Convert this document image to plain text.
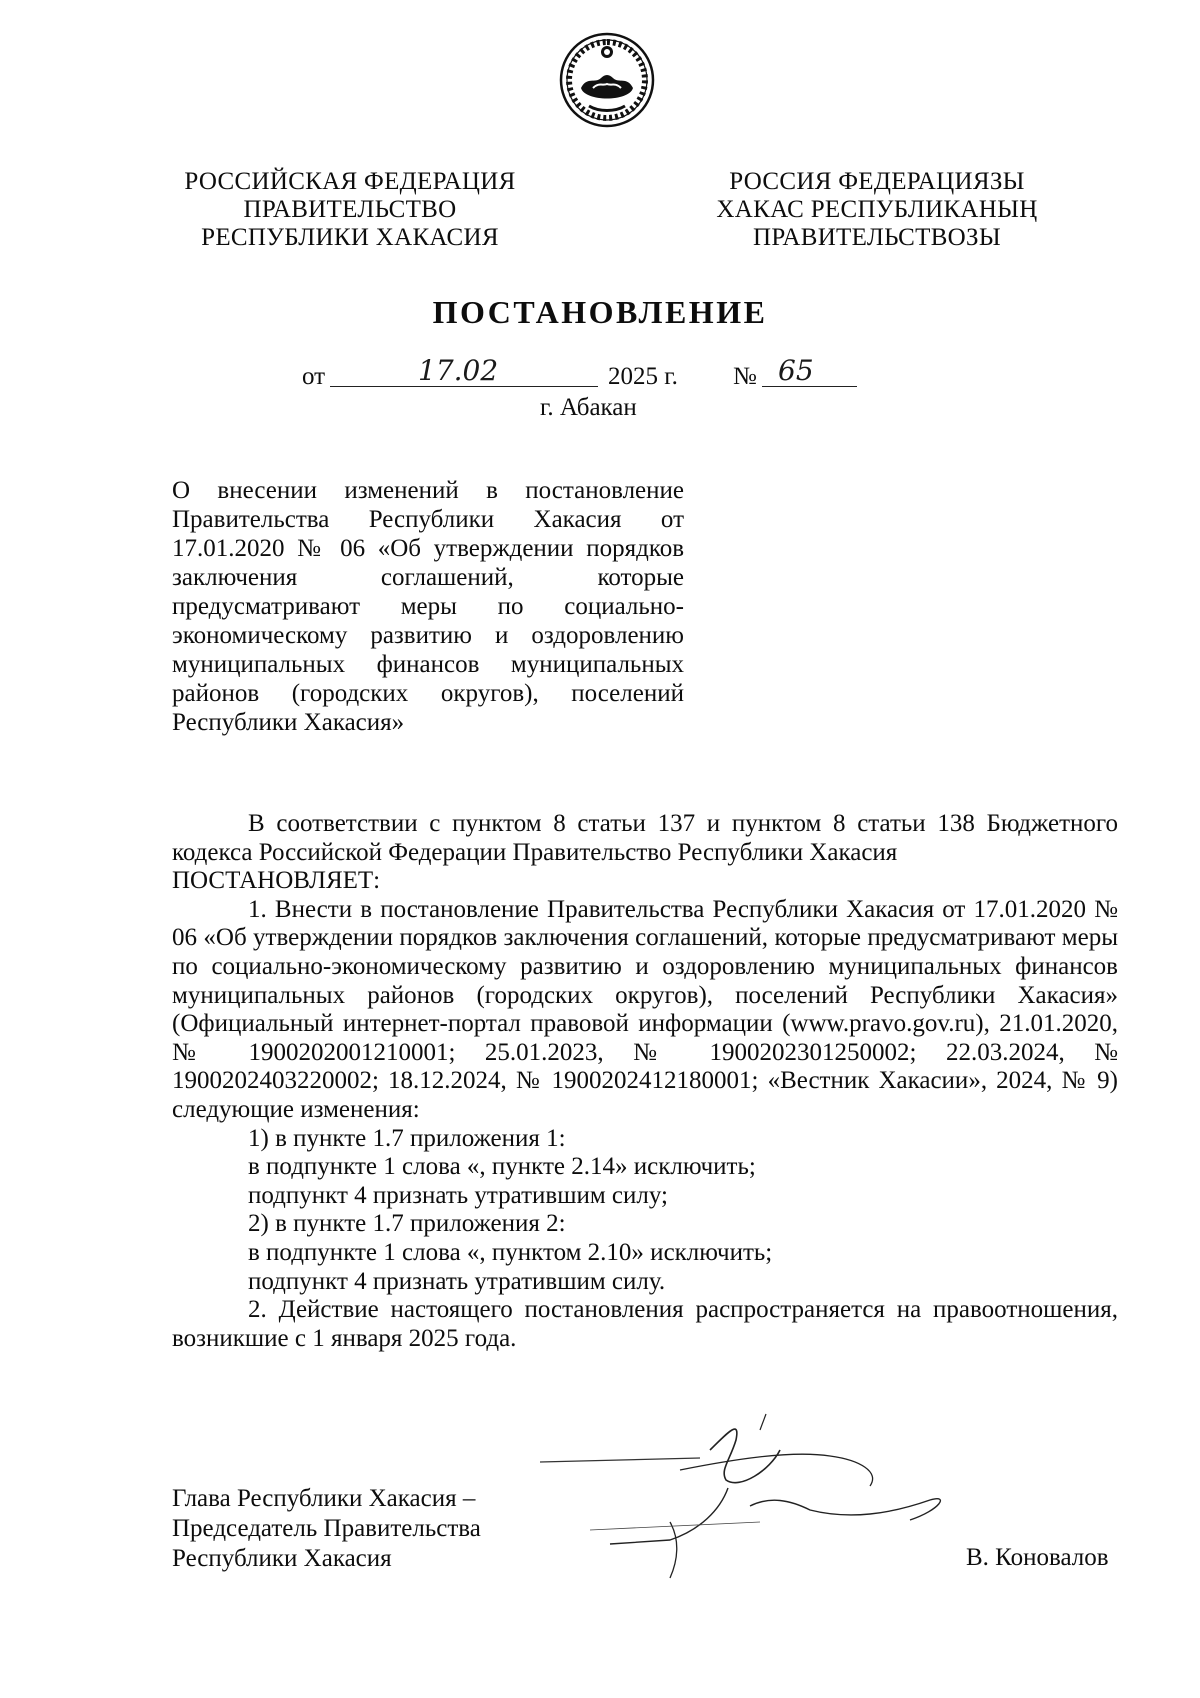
РОССИЙСКАЯ ФЕДЕРАЦИЯ
ПРАВИТЕЛЬСТВО
РЕСПУБЛИКИ ХАКАСИЯ
РОССИЯ ФЕДЕРАЦИЯЗЫ
ХАКАС РЕСПУБЛИКАНЫҢ
ПРАВИТЕЛЬСТВОЗЫ
ПОСТАНОВЛЕНИЕ
от	17.02	2025 г. № 65
г. Абакан
О внесении изменений в постановление Правительства Республики Хакасия от 17.01.2020 № 06 «Об утверждении порядков заключения соглашений, которые предусматривают меры по социально-экономическому развитию и оздоровлению муниципальных финансов муниципальных районов (городских округов), поселений Республики Хакасия»

В соответствии с пунктом 8 статьи 137 и пунктом 8 статьи 138 Бюджетного кодекса Российской Федерации Правительство Республики Хакасия

ПОСТАНОВЛЯЕТ:

1. Внести в постановление Правительства Республики Хакасия от 17.01.2020 № 06 «Об утверждении порядков заключения соглашений, которые предусматривают меры по социально-экономическому развитию и оздоровлению муниципальных финансов муниципальных районов (городских округов), поселений Республики Хакасия» (Официальный интернет-портал правовой информации (www.pravo.gov.ru), 21.01.2020, № 1900202001210001; 25.01.2023, № 1900202301250002; 22.03.2024, № 1900202403220002; 18.12.2024, № 1900202412180001; «Вестник Хакасии», 2024, № 9) следующие изменения:

1) в пункте 1.7 приложения 1:

в подпункте 1 слова «, пункте 2.14» исключить;

подпункт 4 признать утратившим силу;

2) в пункте 1.7 приложения 2:

в подпункте 1 слова «, пунктом 2.10» исключить;

подпункт 4 признать утратившим силу.

2. Действие настоящего постановления распространяется на правоотношения, возникшие с 1 января 2025 года.

Глава Республики Хакасия –
Председатель Правительства
Республики Хакасия	В. Коновалов
